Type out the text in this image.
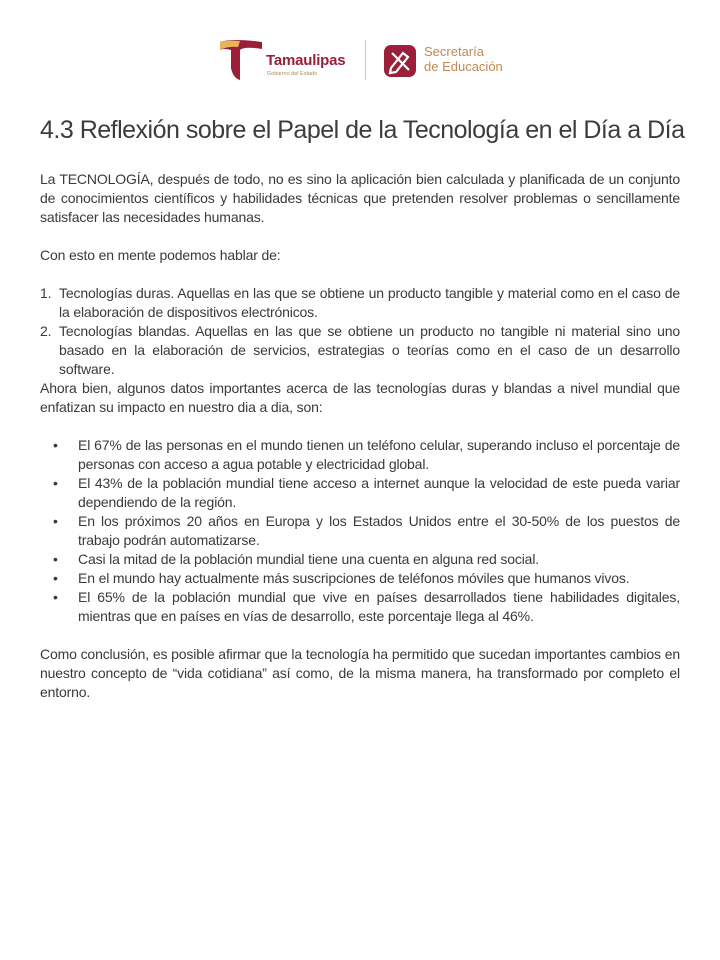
Tamaulipas
Gobierno del Estado
Secretaría
de Educación
4.3 Reflexión sobre el Papel de la Tecnología en el Día a Día

La TECNOLOGÍA, después de todo, no es sino la aplicación bien calculada y planificada de un conjunto de conocimientos científicos y habilidades técnicas que pretenden resolver problemas o sencillamente satisfacer las necesidades humanas.

Con esto en mente podemos hablar de:

1. Tecnologías duras. Aquellas en las que se obtiene un producto tangible y material como en el caso de la elaboración de dispositivos electrónicos.
2. Tecnologías blandas. Aquellas en las que se obtiene un producto no tangible ni material sino uno basado en la elaboración de servicios, estrategias o teorías como en el caso de un desarrollo software.

Ahora bien, algunos datos importantes acerca de las tecnologías duras y blandas a nivel mundial que enfatizan su impacto en nuestro dia a dia, son:

• El 67% de las personas en el mundo tienen un teléfono celular, superando incluso el porcentaje de personas con acceso a agua potable y electricidad global.
• El 43% de la población mundial tiene acceso a internet aunque la velocidad de este pueda variar dependiendo de la región.
• En los próximos 20 años en Europa y los Estados Unidos entre el 30-50% de los puestos de trabajo podrán automatizarse.
• Casi la mitad de la población mundial tiene una cuenta en alguna red social.
• En el mundo hay actualmente más suscripciones de teléfonos móviles que humanos vivos.
• El 65% de la población mundial que vive en países desarrollados tiene habilidades digitales, mientras que en países en vías de desarrollo, este porcentaje llega al 46%.

Como conclusión, es posible afirmar que la tecnología ha permitido que sucedan importantes cambios en nuestro concepto de “vida cotidiana” así como, de la misma manera, ha transformado por completo el entorno.
